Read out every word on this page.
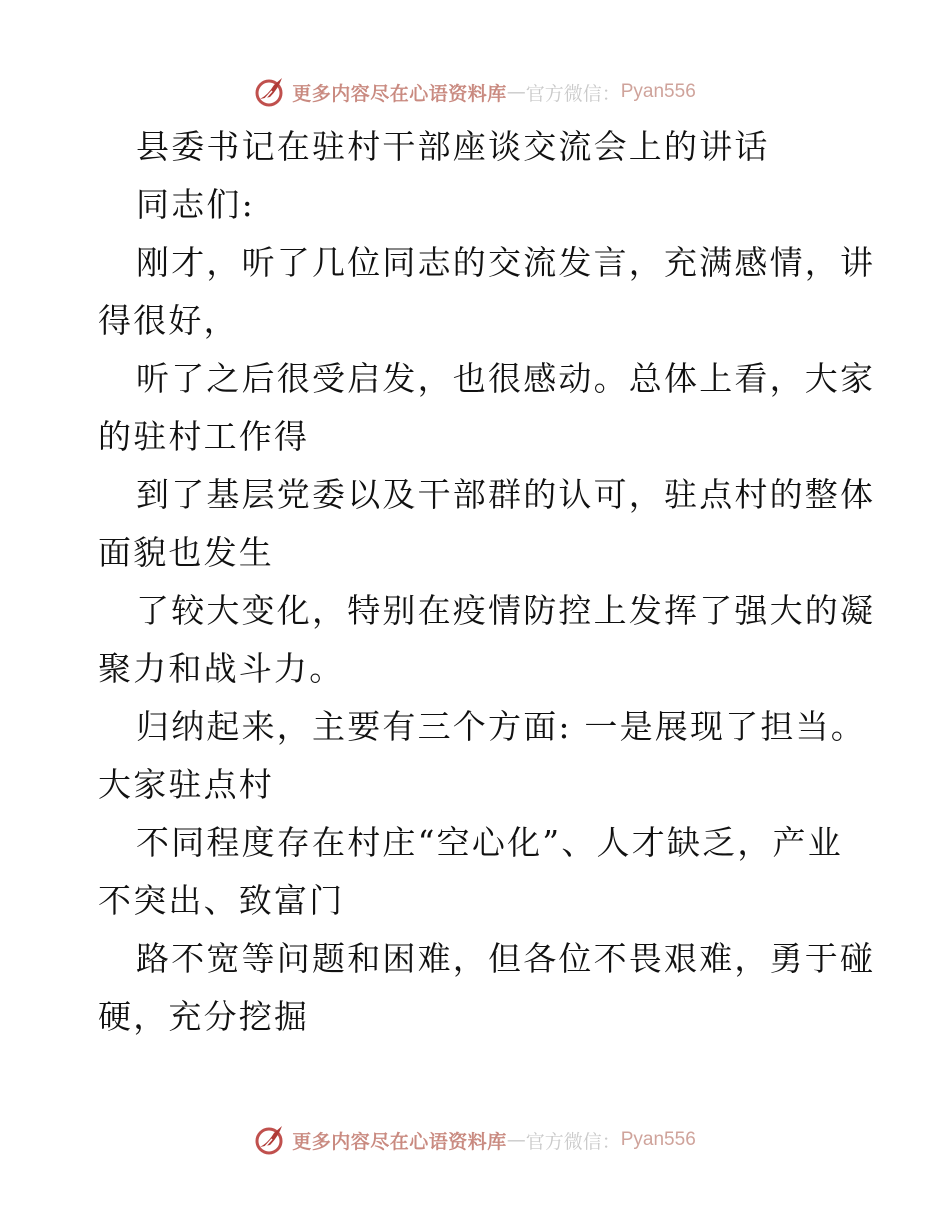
更多内容尽在心语资料库 — 官方微信： Pyan556
县委书记在驻村干部座谈交流会上的讲话
同志们:
刚才，听了几位同志的交流发言，充满感情，讲
得很好，
听了之后很受启发，也很感动。总体上看，大家
的驻村工作得
到了基层党委以及干部群的认可，驻点村的整体
面貌也发生
了较大变化，特别在疫情防控上发挥了强大的凝
聚力和战斗力。
归纳起来，主要有三个方面: 一是展现了担当。
大家驻点村
不同程度存在村庄“空心化”、人才缺乏，产业
不突出、致富门
路不宽等问题和困难，但各位不畏艰难，勇于碰
硬，充分挖掘
更多内容尽在心语资料库 — 官方微信： Pyan556
